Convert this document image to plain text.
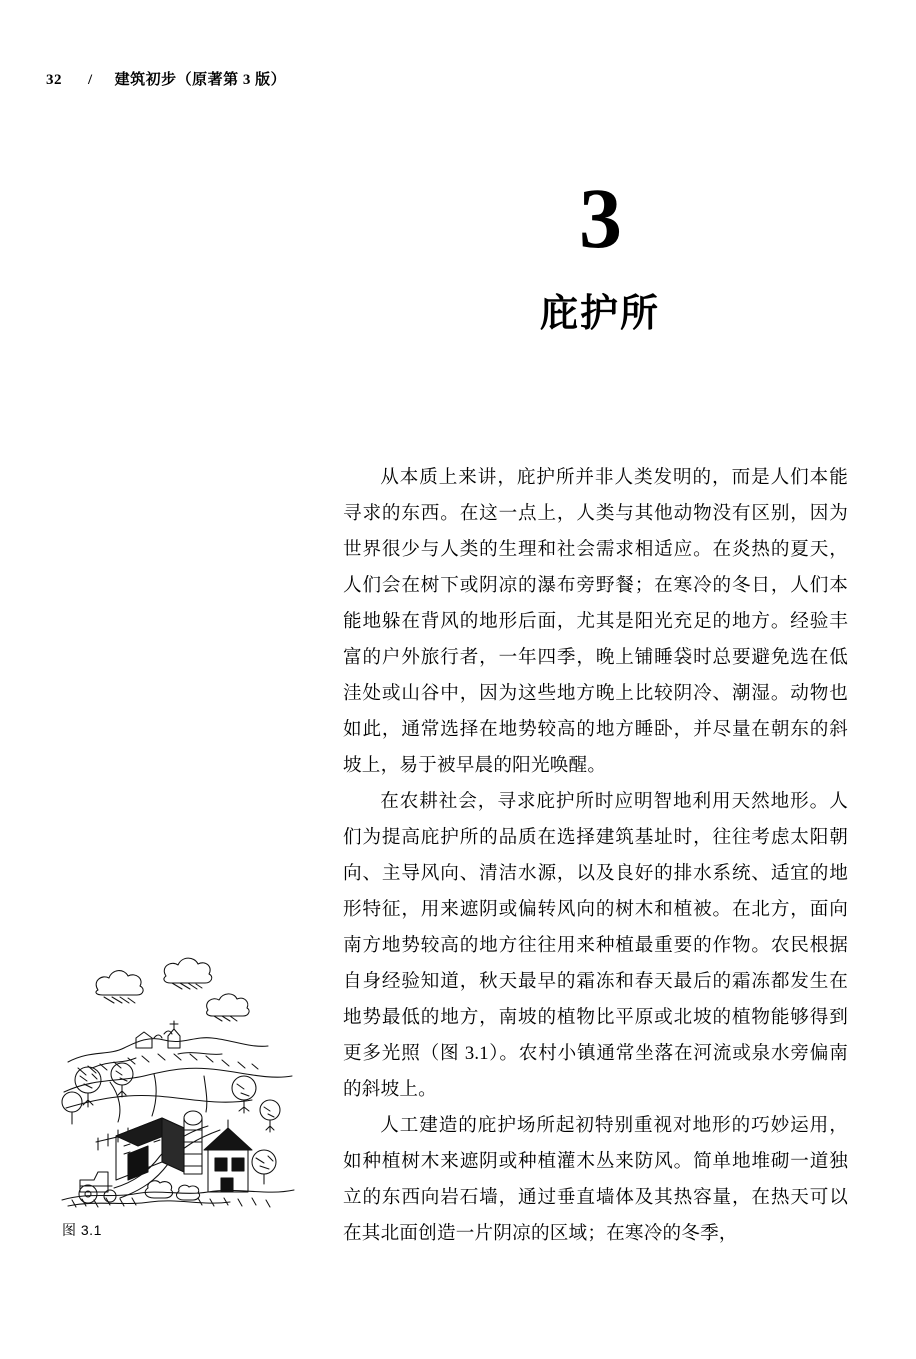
32 / 建筑初步（原著第 3 版）
3
庇护所

从本质上来讲，庇护所并非人类发明的，而是人们本能寻求的东西。在这一点上，人类与其他动物没有区别，因为世界很少与人类的生理和社会需求相适应。在炎热的夏天，人们会在树下或阴凉的瀑布旁野餐；在寒冷的冬日，人们本能地躲在背风的地形后面，尤其是阳光充足的地方。经验丰富的户外旅行者，一年四季，晚上铺睡袋时总要避免选在低洼处或山谷中，因为这些地方晚上比较阴冷、潮湿。动物也如此，通常选择在地势较高的地方睡卧，并尽量在朝东的斜坡上，易于被早晨的阳光唤醒。

在农耕社会，寻求庇护所时应明智地利用天然地形。人们为提高庇护所的品质在选择建筑基址时，往往考虑太阳朝向、主导风向、清洁水源，以及良好的排水系统、适宜的地形特征，用来遮阴或偏转风向的树木和植被。在北方，面向南方地势较高的地方往往用来种植最重要的作物。农民根据自身经验知道，秋天最早的霜冻和春天最后的霜冻都发生在地势最低的地方，南坡的植物比平原或北坡的植物能够得到更多光照（图 3.1）。农村小镇通常坐落在河流或泉水旁偏南的斜坡上。

人工建造的庇护场所起初特别重视对地形的巧妙运用，如种植树木来遮阴或种植灌木丛来防风。简单地堆砌一道独立的东西向岩石墙，通过垂直墙体及其热容量，在热天可以在其北面创造一片阴凉的区域；在寒冷的冬季，

图 3.1
